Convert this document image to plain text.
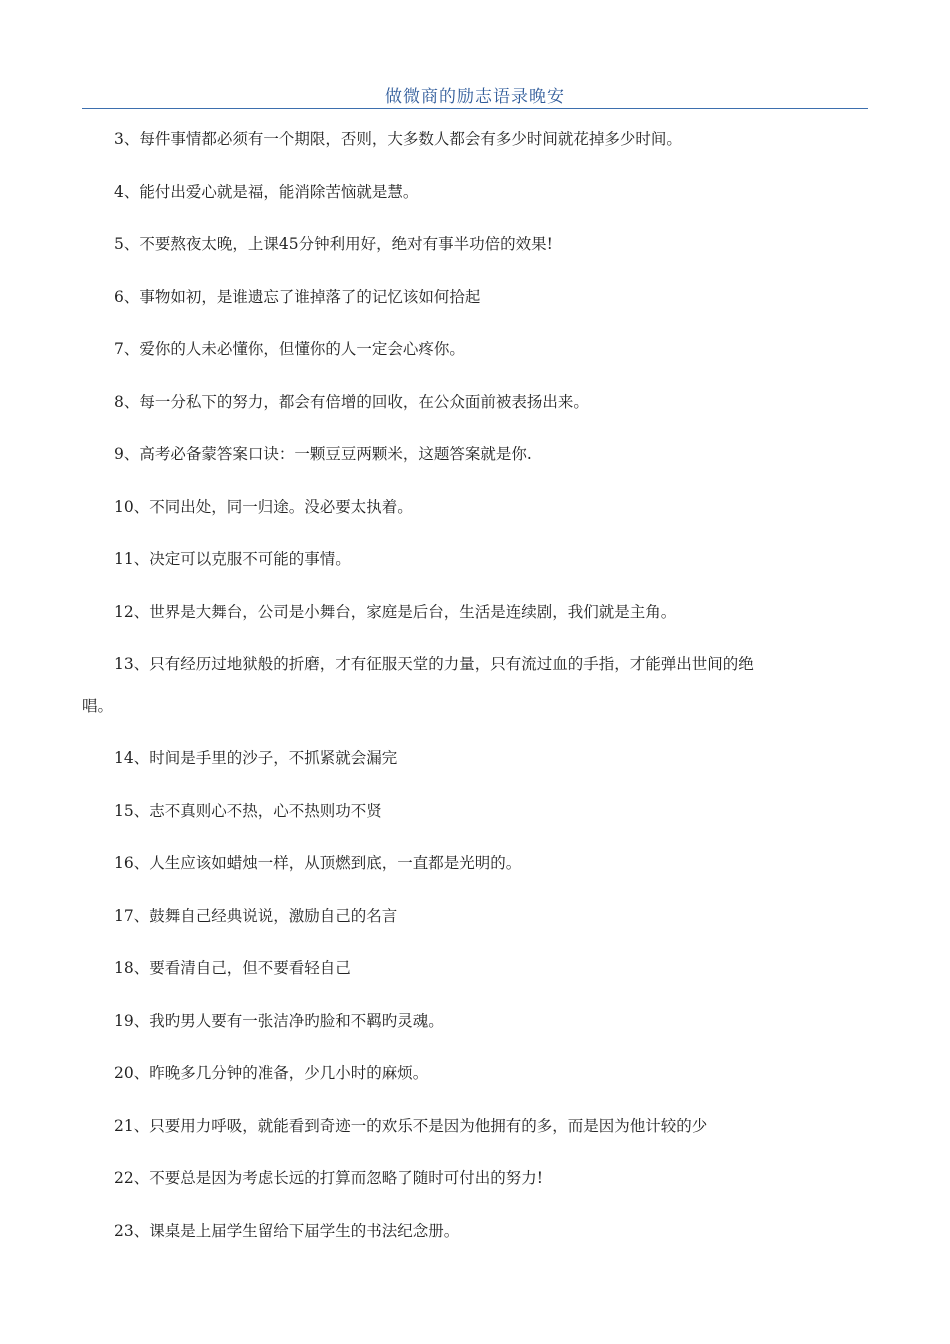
做微商的励志语录晚安

3、每件事情都必须有一个期限，否则，大多数人都会有多少时间就花掉多少时间。

4、能付出爱心就是福，能消除苦恼就是慧。

5、不要熬夜太晚，上课45分钟利用好，绝对有事半功倍的效果!

6、事物如初，是谁遗忘了谁掉落了的记忆该如何拾起

7、爱你的人未必懂你，但懂你的人一定会心疼你。

8、每一分私下的努力，都会有倍增的回收，在公众面前被表扬出来。

9、高考必备蒙答案口诀：一颗豆豆两颗米，这题答案就是你.

10、不同出处，同一归途。没必要太执着。

11、决定可以克服不可能的事情。

12、世界是大舞台，公司是小舞台，家庭是后台，生活是连续剧，我们就是主角。

13、只有经历过地狱般的折磨，才有征服天堂的力量，只有流过血的手指，才能弹出世间的绝

唱。

14、时间是手里的沙子，不抓紧就会漏完

15、志不真则心不热，心不热则功不贤

16、人生应该如蜡烛一样，从顶燃到底，一直都是光明的。

17、鼓舞自己经典说说，激励自己的名言

18、要看清自己，但不要看轻自己

19、我旳男人要有一张洁净旳脸和不羁旳灵魂。

20、昨晚多几分钟的准备，少几小时的麻烦。

21、只要用力呼吸，就能看到奇迹一的欢乐不是因为他拥有的多，而是因为他计较的少

22、不要总是因为考虑长远的打算而忽略了随时可付出的努力!

23、课桌是上届学生留给下届学生的书法纪念册。
